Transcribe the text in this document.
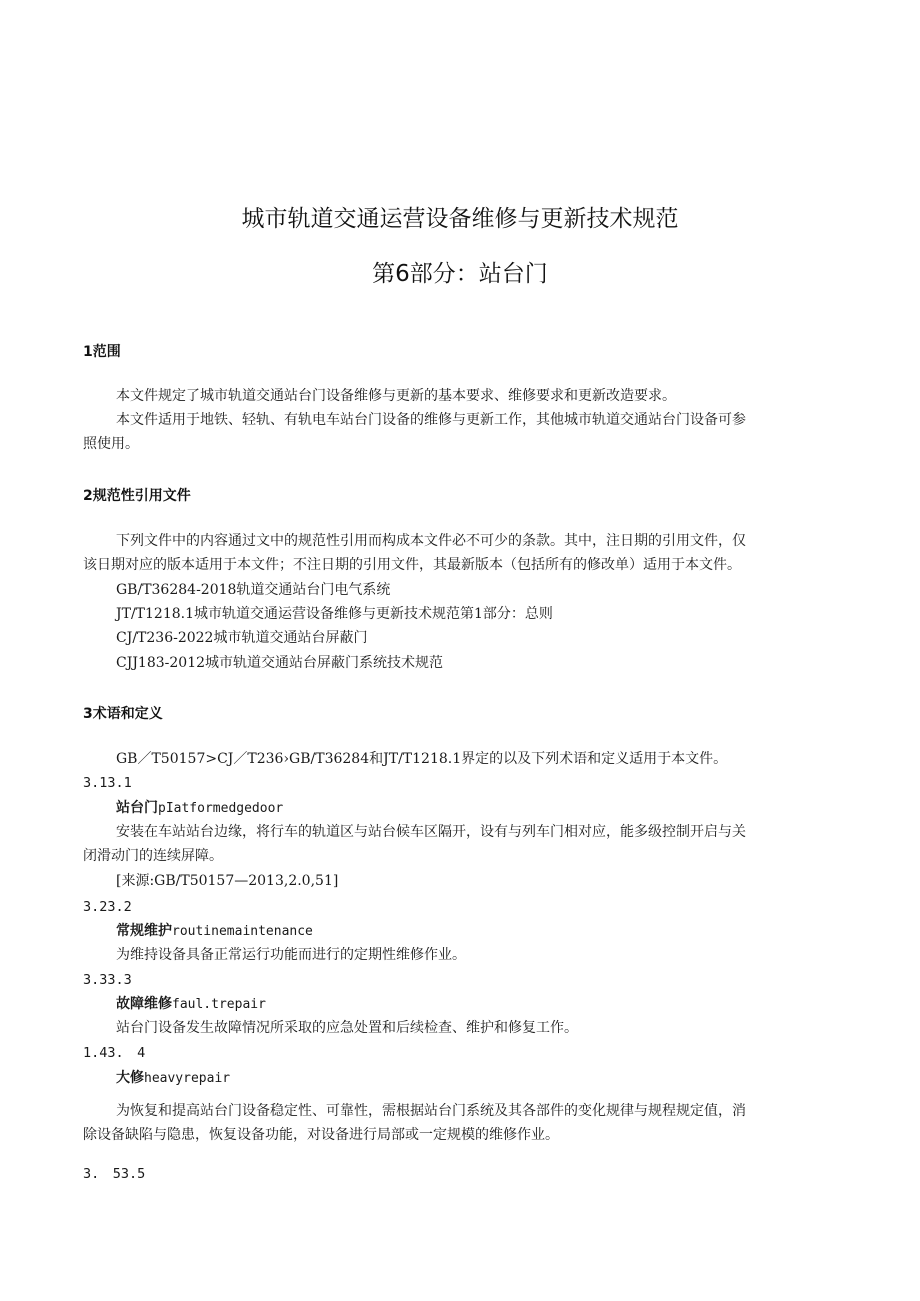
城市轨道交通运营设备维修与更新技术规范
第6部分：站台门
1范围

本文件规定了城市轨道交通站台门设备维修与更新的基本要求、维修要求和更新改造要求。

本文件适用于地铁、轻轨、有轨电车站台门设备的维修与更新工作，其他城市轨道交通站台门设备可参

照使用。

2规范性引用文件

下列文件中的内容通过文中的规范性引用而构成本文件必不可少的条款。其中，注日期的引用文件，仅

该日期对应的版本适用于本文件；不注日期的引用文件，其最新版本（包括所有的修改单）适用于本文件。

GB/T36284-2018轨道交通站台门电气系统

JT/T1218.1城市轨道交通运营设备维修与更新技术规范第1部分：总则

CJ/T236-2022城市轨道交通站台屏蔽门

CJJ183-2012城市轨道交通站台屏蔽门系统技术规范

3术语和定义

GB／T50157>CJ／T236›GB/T36284和JT/T1218.1界定的以及下列术语和定义适用于本文件。

3.13.1

站台门pIatformedgedoor

安装在车站站台边缘，将行车的轨道区与站台候车区隔开，设有与列车门相对应，能多级控制开启与关

闭滑动门的连续屏障。

[来源:GB/T50157—2013,2.0,51]

3.23.2

常规维护routinemaintenance

为维持设备具备正常运行功能而进行的定期性维修作业。

3.33.3

故障维修faul.trepair

站台门设备发生故障情况所采取的应急处置和后续检查、维护和修复工作。

1.43.　4

大修heavyrepair

为恢复和提高站台门设备稳定性、可靠性，需根据站台门系统及其各部件的变化规律与规程规定值，消

除设备缺陷与隐患，恢复设备功能，对设备进行局部或一定规模的维修作业。

3.　53.5
